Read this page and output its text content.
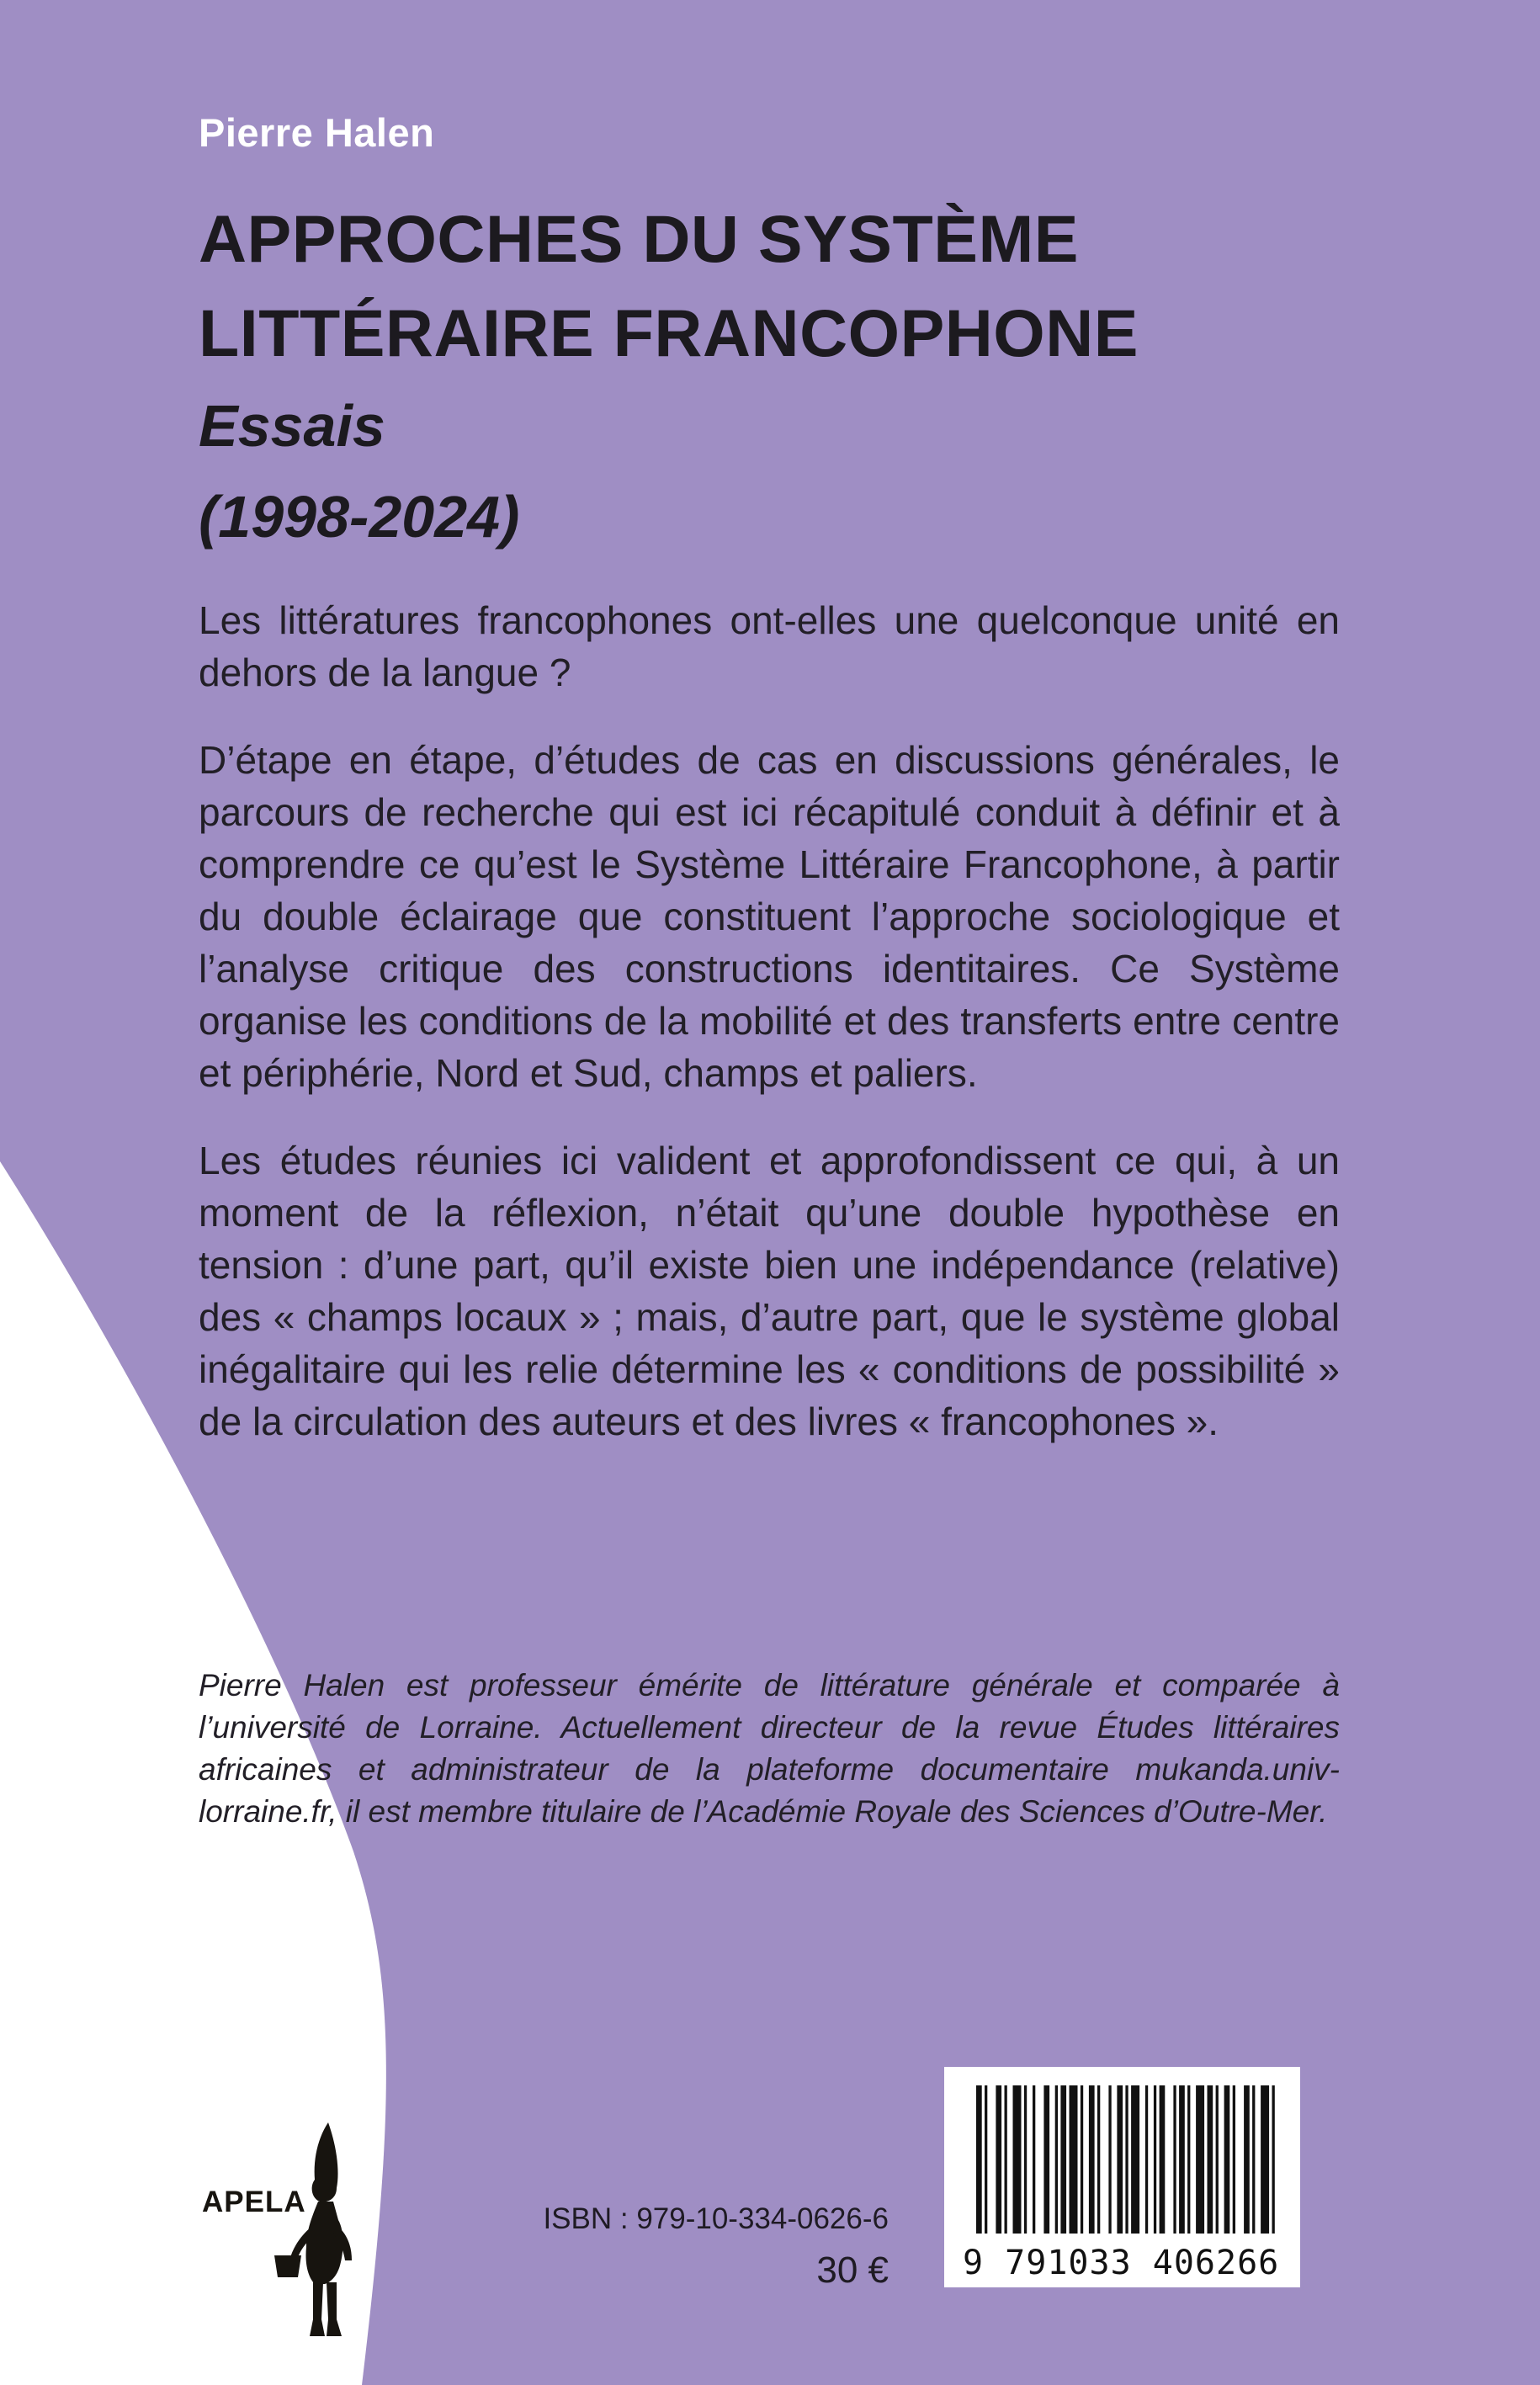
Pierre Halen
APPROCHES DU SYSTÈME
LITTÉRAIRE FRANCOPHONE
Essais
(1998-2024)

Les littératures francophones ont-elles une quelconque unité en dehors de la langue ?

D’étape en étape, d’études de cas en discussions générales, le parcours de recherche qui est ici récapitulé conduit à définir et à comprendre ce qu’est le Système Littéraire Francophone, à partir du double éclairage que constituent l’approche sociologique et l’analyse critique des constructions identitaires. Ce Système organise les conditions de la mobilité et des transferts entre centre et périphérie, Nord et Sud, champs et paliers.

Les études réunies ici valident et approfondissent ce qui, à un moment de la réflexion, n’était qu’une double hypothèse en tension : d’une part, qu’il existe bien une indépendance (relative) des « champs locaux » ; mais, d’autre part, que le système global inégalitaire qui les relie détermine les « conditions de possibilité » de la circulation des auteurs et des livres « francophones ».

Pierre Halen est professeur émérite de littérature générale et comparée à l’université de Lorraine. Actuellement directeur de la revue Études littéraires africaines et administrateur de la plateforme documentaire mukanda.univ-lorraine.fr, il est membre titulaire de l’Académie Royale des Sciences d’Outre-Mer.
APELA
ISBN : 979-10-334-0626-6
30 € 9 791033 406266
